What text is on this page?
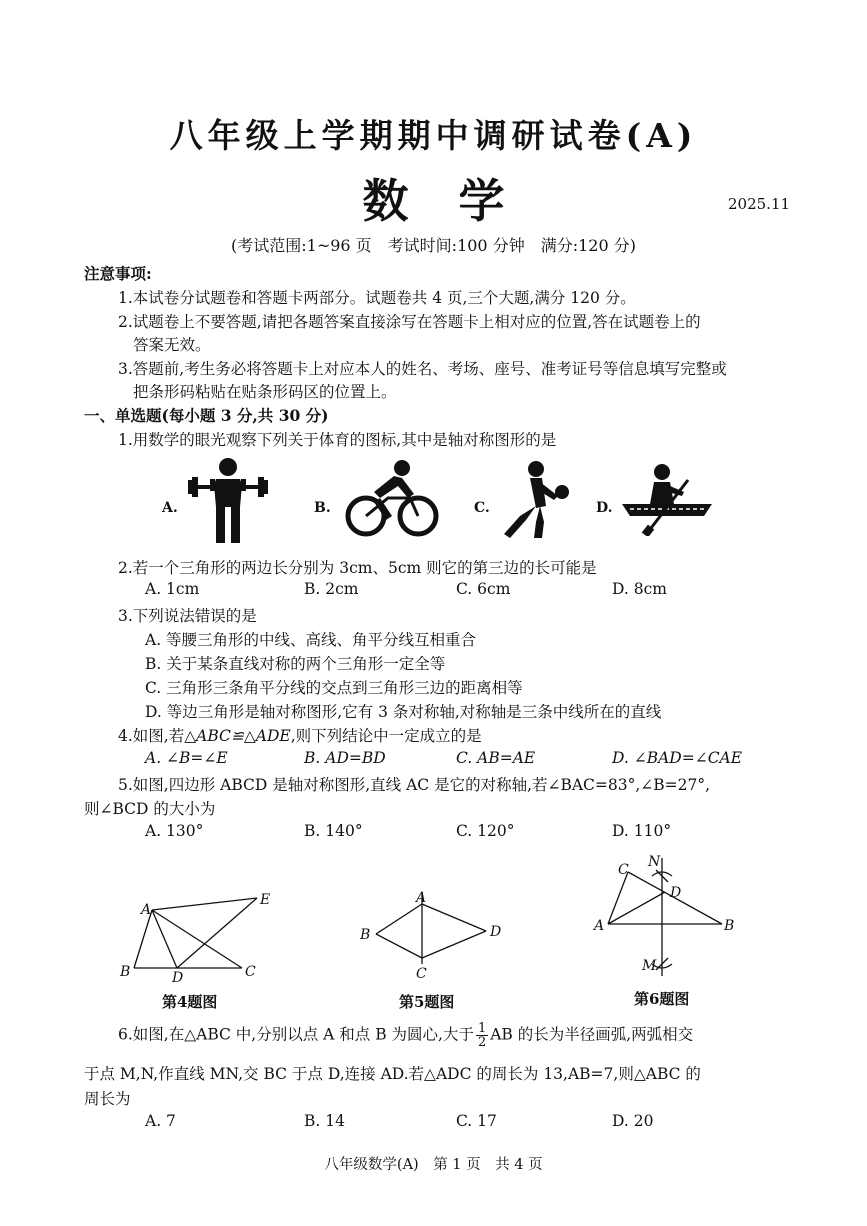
八年级上学期期中调研试卷(A)
数学	2025.11
(考试范围:1~96 页　考试时间:100 分钟　满分:120 分)
注意事项:
1.本试卷分试题卷和答题卡两部分。试题卷共 4 页,三个大题,满分 120 分。
2.试题卷上不要答题,请把各题答案直接涂写在答题卡上相对应的位置,答在试题卷上的
答案无效。
3.答题前,考生务必将答题卡上对应本人的姓名、考场、座号、准考证号等信息填写完整或
把条形码粘贴在贴条形码区的位置上。
一、单选题(每小题 3 分,共 30 分)
1.用数学的眼光观察下列关于体育的图标,其中是轴对称图形的是
A.	B.	C.	D.
2.若一个三角形的两边长分别为 3cm、5cm 则它的第三边的长可能是
A. 1cm	B. 2cm	C. 6cm	D. 8cm
3.下列说法错误的是
A. 等腰三角形的中线、高线、角平分线互相重合
B. 关于某条直线对称的两个三角形一定全等
C. 三角形三条角平分线的交点到三角形三边的距离相等
D. 等边三角形是轴对称图形,它有 3 条对称轴,对称轴是三条中线所在的直线
4.如图,若△ABC≌△ADE,则下列结论中一定成立的是
A. ∠B=∠E	B. AD=BD	C. AB=AE	D. ∠BAD=∠CAE
5.如图,四边形 ABCD 是轴对称图形,直线 AC 是它的对称轴,若∠BAC=83°,∠B=27°,
则∠BCD 的大小为
A. 130°	B. 140°	C. 120°	D. 110°
A
E
B	D	C
第4题图
A
B	D
C
第5题图
C N
D
A	B
M
第6题图
6.如图,在△ABC 中,分别以点 A 和点 B 为圆心,大于 $\frac{1}{2}$ AB 的长为半径画弧,两弧相交
于点 M,N,作直线 MN,交 BC 于点 D,连接 AD.若△ADC 的周长为 13,AB=7,则△ABC 的
周长为
A. 7	B. 14	C. 17	D. 20
八年级数学(A)　第 1 页　共 4 页
